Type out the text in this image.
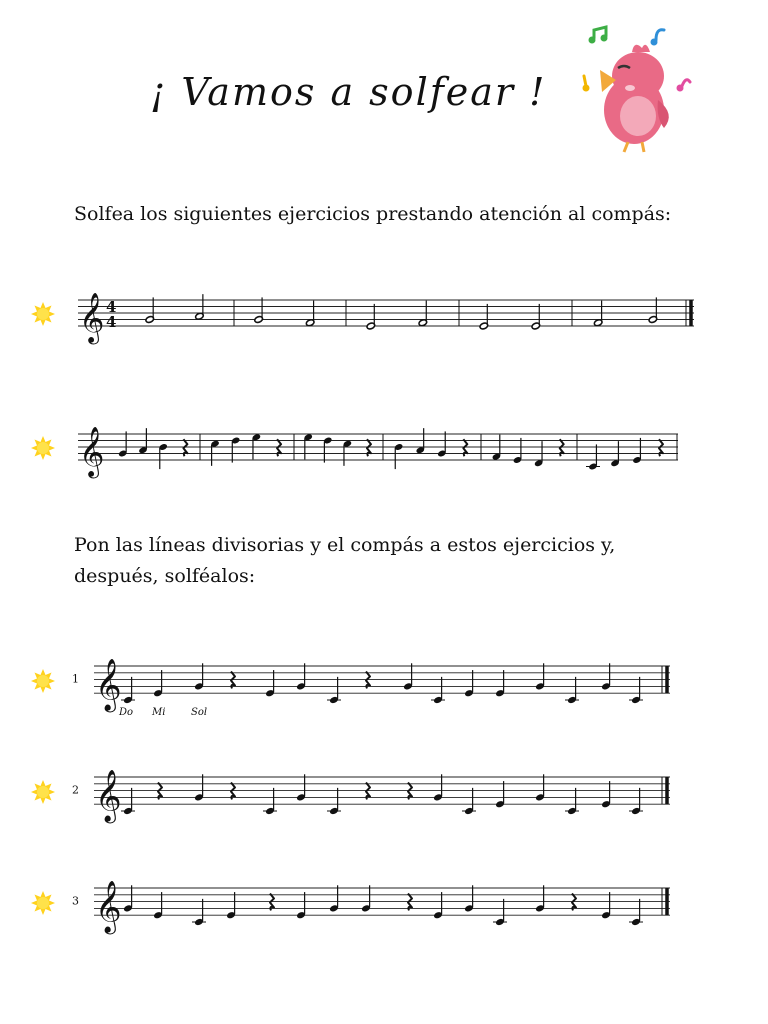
¡ Vamos a solfear !
Solfea los siguientes ejercicios prestando atención al compás:
Pon las líneas divisorias y el compás a estos ejercicios y, después, solféalos:
𝄞 4
4
𝄞
𝄞
1
Do Mi	Sol
𝄞
2
𝄞
3
